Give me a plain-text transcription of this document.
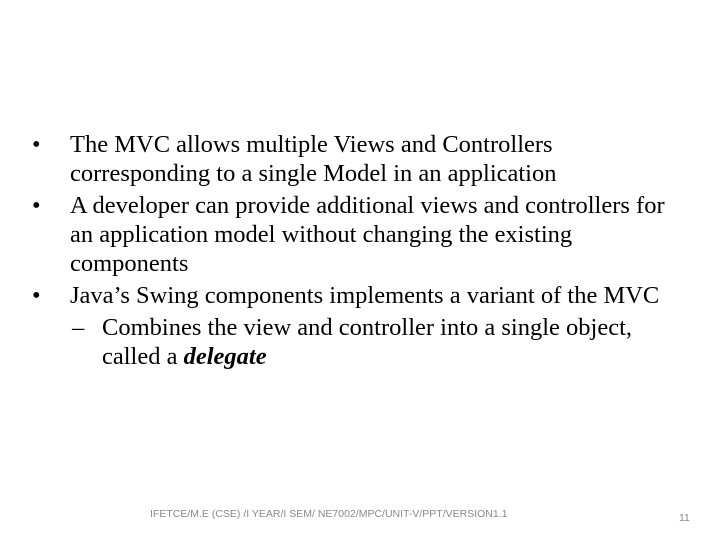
•	The MVC allows multiple Views and Controllers corresponding to a single Model in an application

•	A developer can provide additional views and controllers for an application model without changing the existing components

•	Java’s Swing components implements a variant of the MVC

– Combines the view and controller into a single object, called a delegate

IFETCE/M.E (CSE) /I YEAR/I SEM/ NE7002/MPC/UNIT-V/PPT/VERSION1.1	11
